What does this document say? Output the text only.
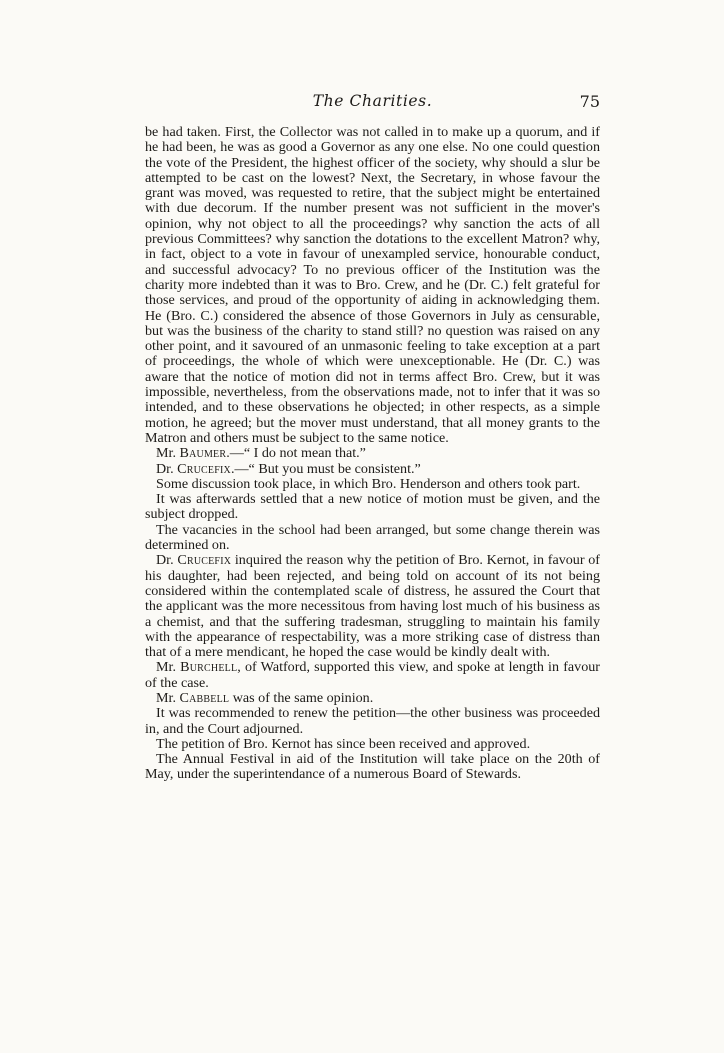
The Charities.	75

be had taken. First, the Collector was not called in to make up a quorum, and if he had been, he was as good a Governor as any one else. No one could question the vote of the President, the highest officer of the society, why should a slur be attempted to be cast on the lowest? Next, the Secretary, in whose favour the grant was moved, was requested to retire, that the subject might be entertained with due decorum. If the number present was not sufficient in the mover's opinion, why not object to all the proceedings? why sanction the acts of all previous Committees? why sanction the dotations to the excellent Matron? why, in fact, object to a vote in favour of unexampled service, honourable conduct, and successful advocacy? To no previous officer of the Institution was the charity more indebted than it was to Bro. Crew, and he (Dr. C.) felt grateful for those services, and proud of the opportunity of aiding in acknowledging them. He (Bro. C.) considered the absence of those Governors in July as censurable, but was the business of the charity to stand still? no question was raised on any other point, and it savoured of an unmasonic feeling to take exception at a part of proceedings, the whole of which were unexceptionable. He (Dr. C.) was aware that the notice of motion did not in terms affect Bro. Crew, but it was impossible, nevertheless, from the observations made, not to infer that it was so intended, and to these observations he objected; in other respects, as a simple motion, he agreed; but the mover must understand, that all money grants to the Matron and others must be subject to the same notice.

Mr. Baumer.—“ I do not mean that.”

Dr. Crucefix.—“ But you must be consistent.”

Some discussion took place, in which Bro. Henderson and others took part.

It was afterwards settled that a new notice of motion must be given, and the subject dropped.

The vacancies in the school had been arranged, but some change therein was determined on.

Dr. Crucefix inquired the reason why the petition of Bro. Kernot, in favour of his daughter, had been rejected, and being told on account of its not being considered within the contemplated scale of distress, he assured the Court that the applicant was the more necessitous from having lost much of his business as a chemist, and that the suffering tradesman, struggling to maintain his family with the appearance of respectability, was a more striking case of distress than that of a mere mendicant, he hoped the case would be kindly dealt with.

Mr. Burchell, of Watford, supported this view, and spoke at length in favour of the case.

Mr. Cabbell was of the same opinion.

It was recommended to renew the petition—the other business was proceeded in, and the Court adjourned.

The petition of Bro. Kernot has since been received and approved.

The Annual Festival in aid of the Institution will take place on the 20th of May, under the superintendance of a numerous Board of Stewards.
